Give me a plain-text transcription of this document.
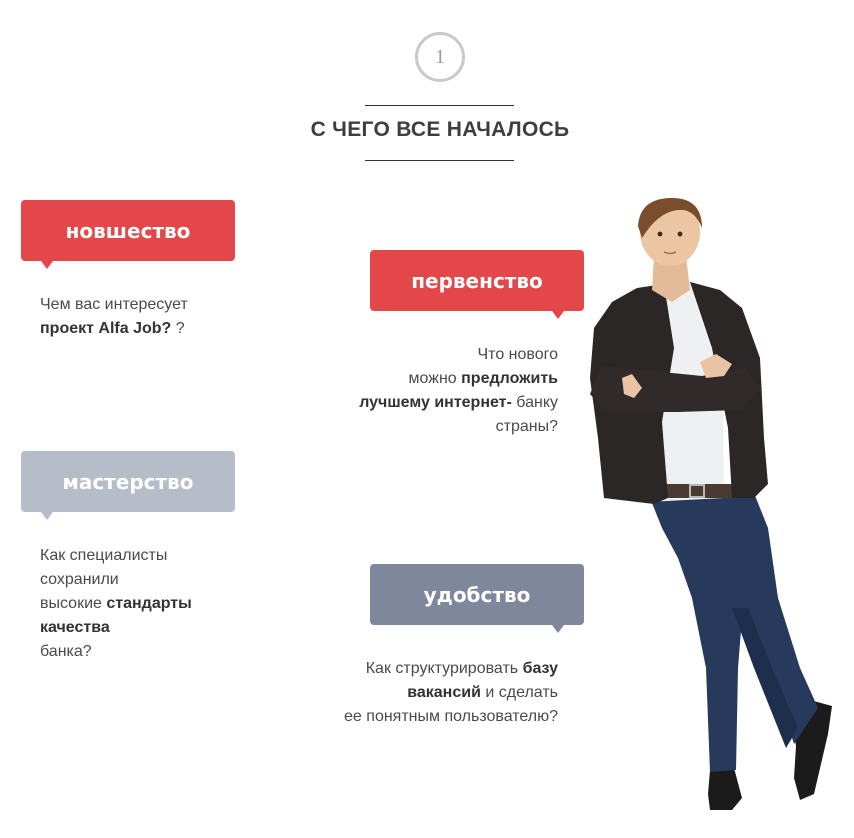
1
С ЧЕГО ВСЕ НАЧАЛОСЬ
новшество
Чем вас интересует
проект Alfa Job? ?
первенство
Что нового
можно предложить
лучшему интернет- банку
страны?
мастерство
Как специалисты
сохранили
высокие стандарты
качества
банка?
удобство
Как структурировать базу
вакансий и сделать
ее понятным пользователю?
